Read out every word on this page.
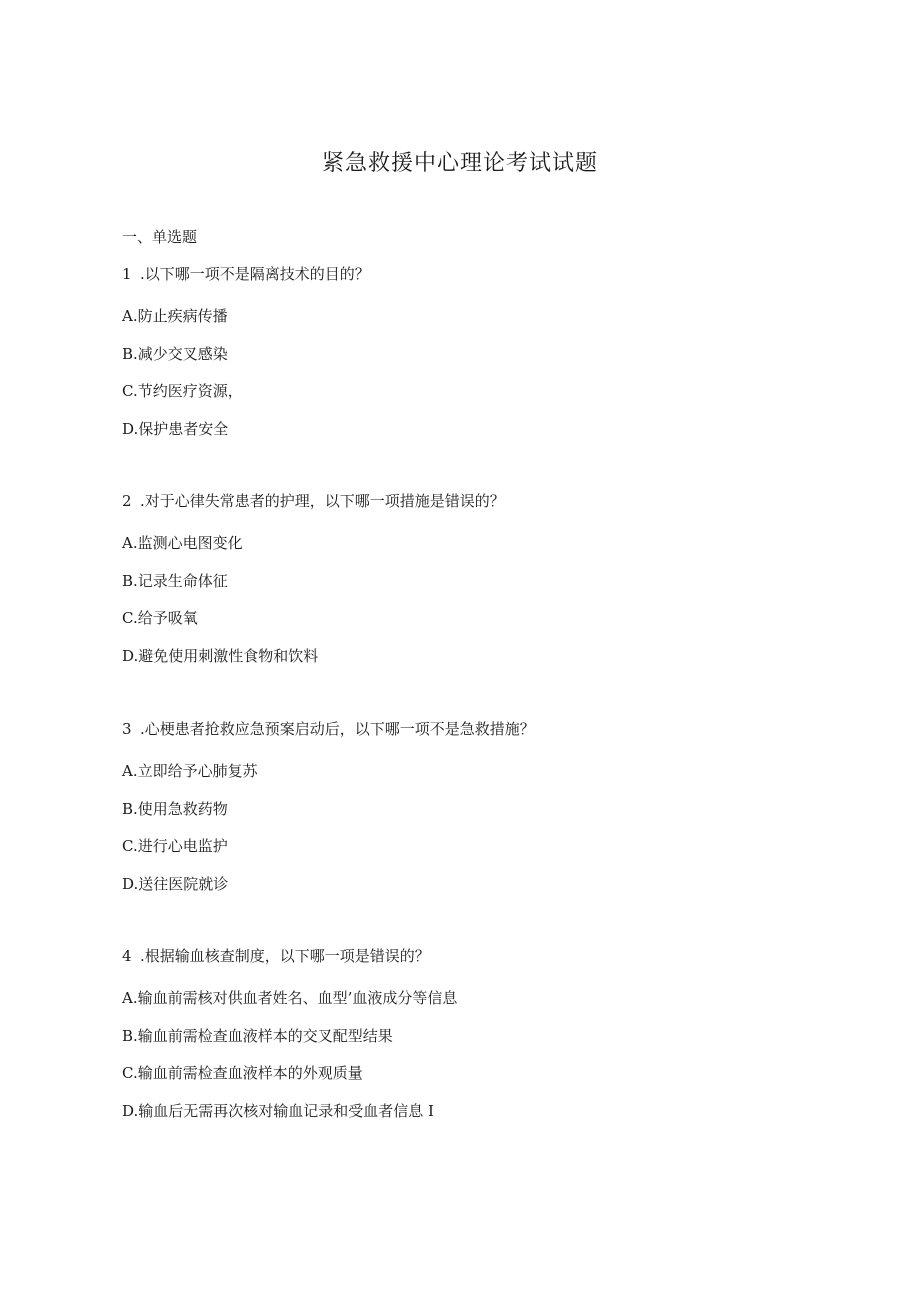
紧急救援中心理论考试试题
一、单选题
1 .以下哪一项不是隔离技术的目的？
A.防止疾病传播
B.减少交叉感染
C.节约医疗资源，
D.保护患者安全
2 .对于心律失常患者的护理，以下哪一项措施是错误的？
A.监测心电图变化
B.记录生命体征
C.给予吸氧
D.避免使用刺激性食物和饮料
3 .心梗患者抢救应急预案启动后，以下哪一项不是急救措施？
A.立即给予心肺复苏
B.使用急救药物
C.进行心电监护
D.送往医院就诊
4 .根据输血核查制度，以下哪一项是错误的？
A.输血前需核对供血者姓名、血型’血液成分等信息
B.输血前需检查血液样本的交叉配型结果
C.输血前需检查血液样本的外观质量
D.输血后无需再次核对输血记录和受血者信息 I
